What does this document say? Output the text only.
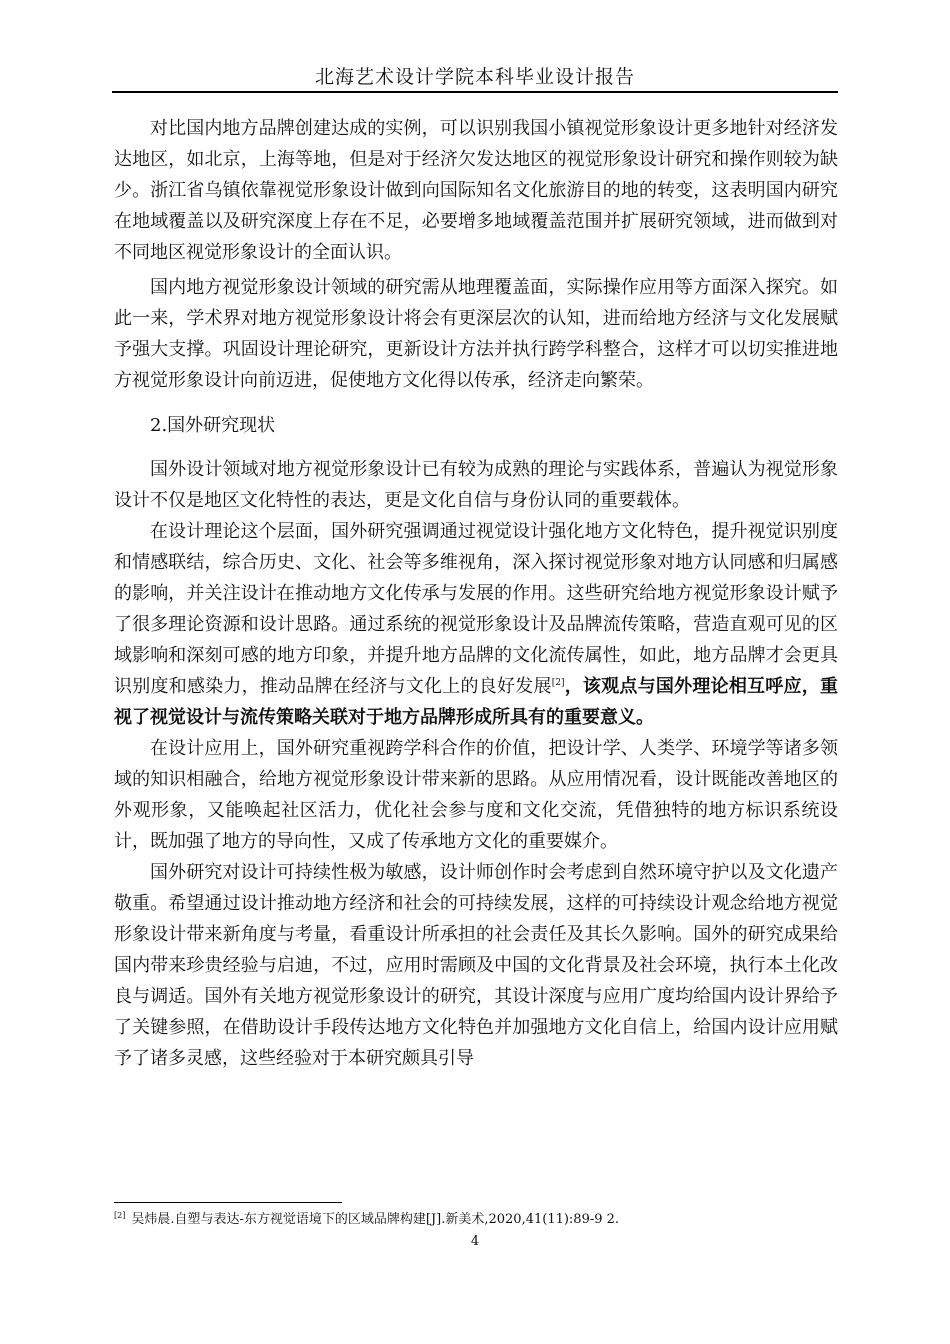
北海艺术设计学院本科毕业设计报告

对比国内地方品牌创建达成的实例，可以识别我国小镇视觉形象设计更多地针对经济发达地区，如北京，上海等地，但是对于经济欠发达地区的视觉形象设计研究和操作则较为缺少。浙江省乌镇依靠视觉形象设计做到向国际知名文化旅游目的地的转变，这表明国内研究在地域覆盖以及研究深度上存在不足，必要增多地域覆盖范围并扩展研究领域，进而做到对不同地区视觉形象设计的全面认识。

国内地方视觉形象设计领域的研究需从地理覆盖面，实际操作应用等方面深入探究。如此一来，学术界对地方视觉形象设计将会有更深层次的认知，进而给地方经济与文化发展赋予强大支撑。巩固设计理论研究，更新设计方法并执行跨学科整合，这样才可以切实推进地方视觉形象设计向前迈进，促使地方文化得以传承，经济走向繁荣。

2.国外研究现状

国外设计领域对地方视觉形象设计已有较为成熟的理论与实践体系，普遍认为视觉形象设计不仅是地区文化特性的表达，更是文化自信与身份认同的重要载体。

在设计理论这个层面，国外研究强调通过视觉设计强化地方文化特色，提升视觉识别度和情感联结，综合历史、文化、社会等多维视角，深入探讨视觉形象对地方认同感和归属感的影响，并关注设计在推动地方文化传承与发展的作用。这些研究给地方视觉形象设计赋予了很多理论资源和设计思路。通过系统的视觉形象设计及品牌流传策略，营造直观可见的区域影响和深刻可感的地方印象，并提升地方品牌的文化流传属性，如此，地方品牌才会更具识别度和感染力，推动品牌在经济与文化上的良好发展[2]，该观点与国外理论相互呼应，重视了视觉设计与流传策略关联对于地方品牌形成所具有的重要意义。

在设计应用上，国外研究重视跨学科合作的价值，把设计学、人类学、环境学等诸多领域的知识相融合，给地方视觉形象设计带来新的思路。从应用情况看，设计既能改善地区的外观形象，又能唤起社区活力，优化社会参与度和文化交流，凭借独特的地方标识系统设计，既加强了地方的导向性，又成了传承地方文化的重要媒介。

国外研究对设计可持续性极为敏感，设计师创作时会考虑到自然环境守护以及文化遗产敬重。希望通过设计推动地方经济和社会的可持续发展，这样的可持续设计观念给地方视觉形象设计带来新角度与考量，看重设计所承担的社会责任及其长久影响。国外的研究成果给国内带来珍贵经验与启迪，不过，应用时需顾及中国的文化背景及社会环境，执行本土化改良与调适。国外有关地方视觉形象设计的研究，其设计深度与应用广度均给国内设计界给予了关键参照，在借助设计手段传达地方文化特色并加强地方文化自信上，给国内设计应用赋予了诸多灵感，这些经验对于本研究颇具引导

[2] 吴炜晨.自塑与表达-东方视觉语境下的区域品牌构建[J].新美术,2020,41(11):89-9 2.
4
